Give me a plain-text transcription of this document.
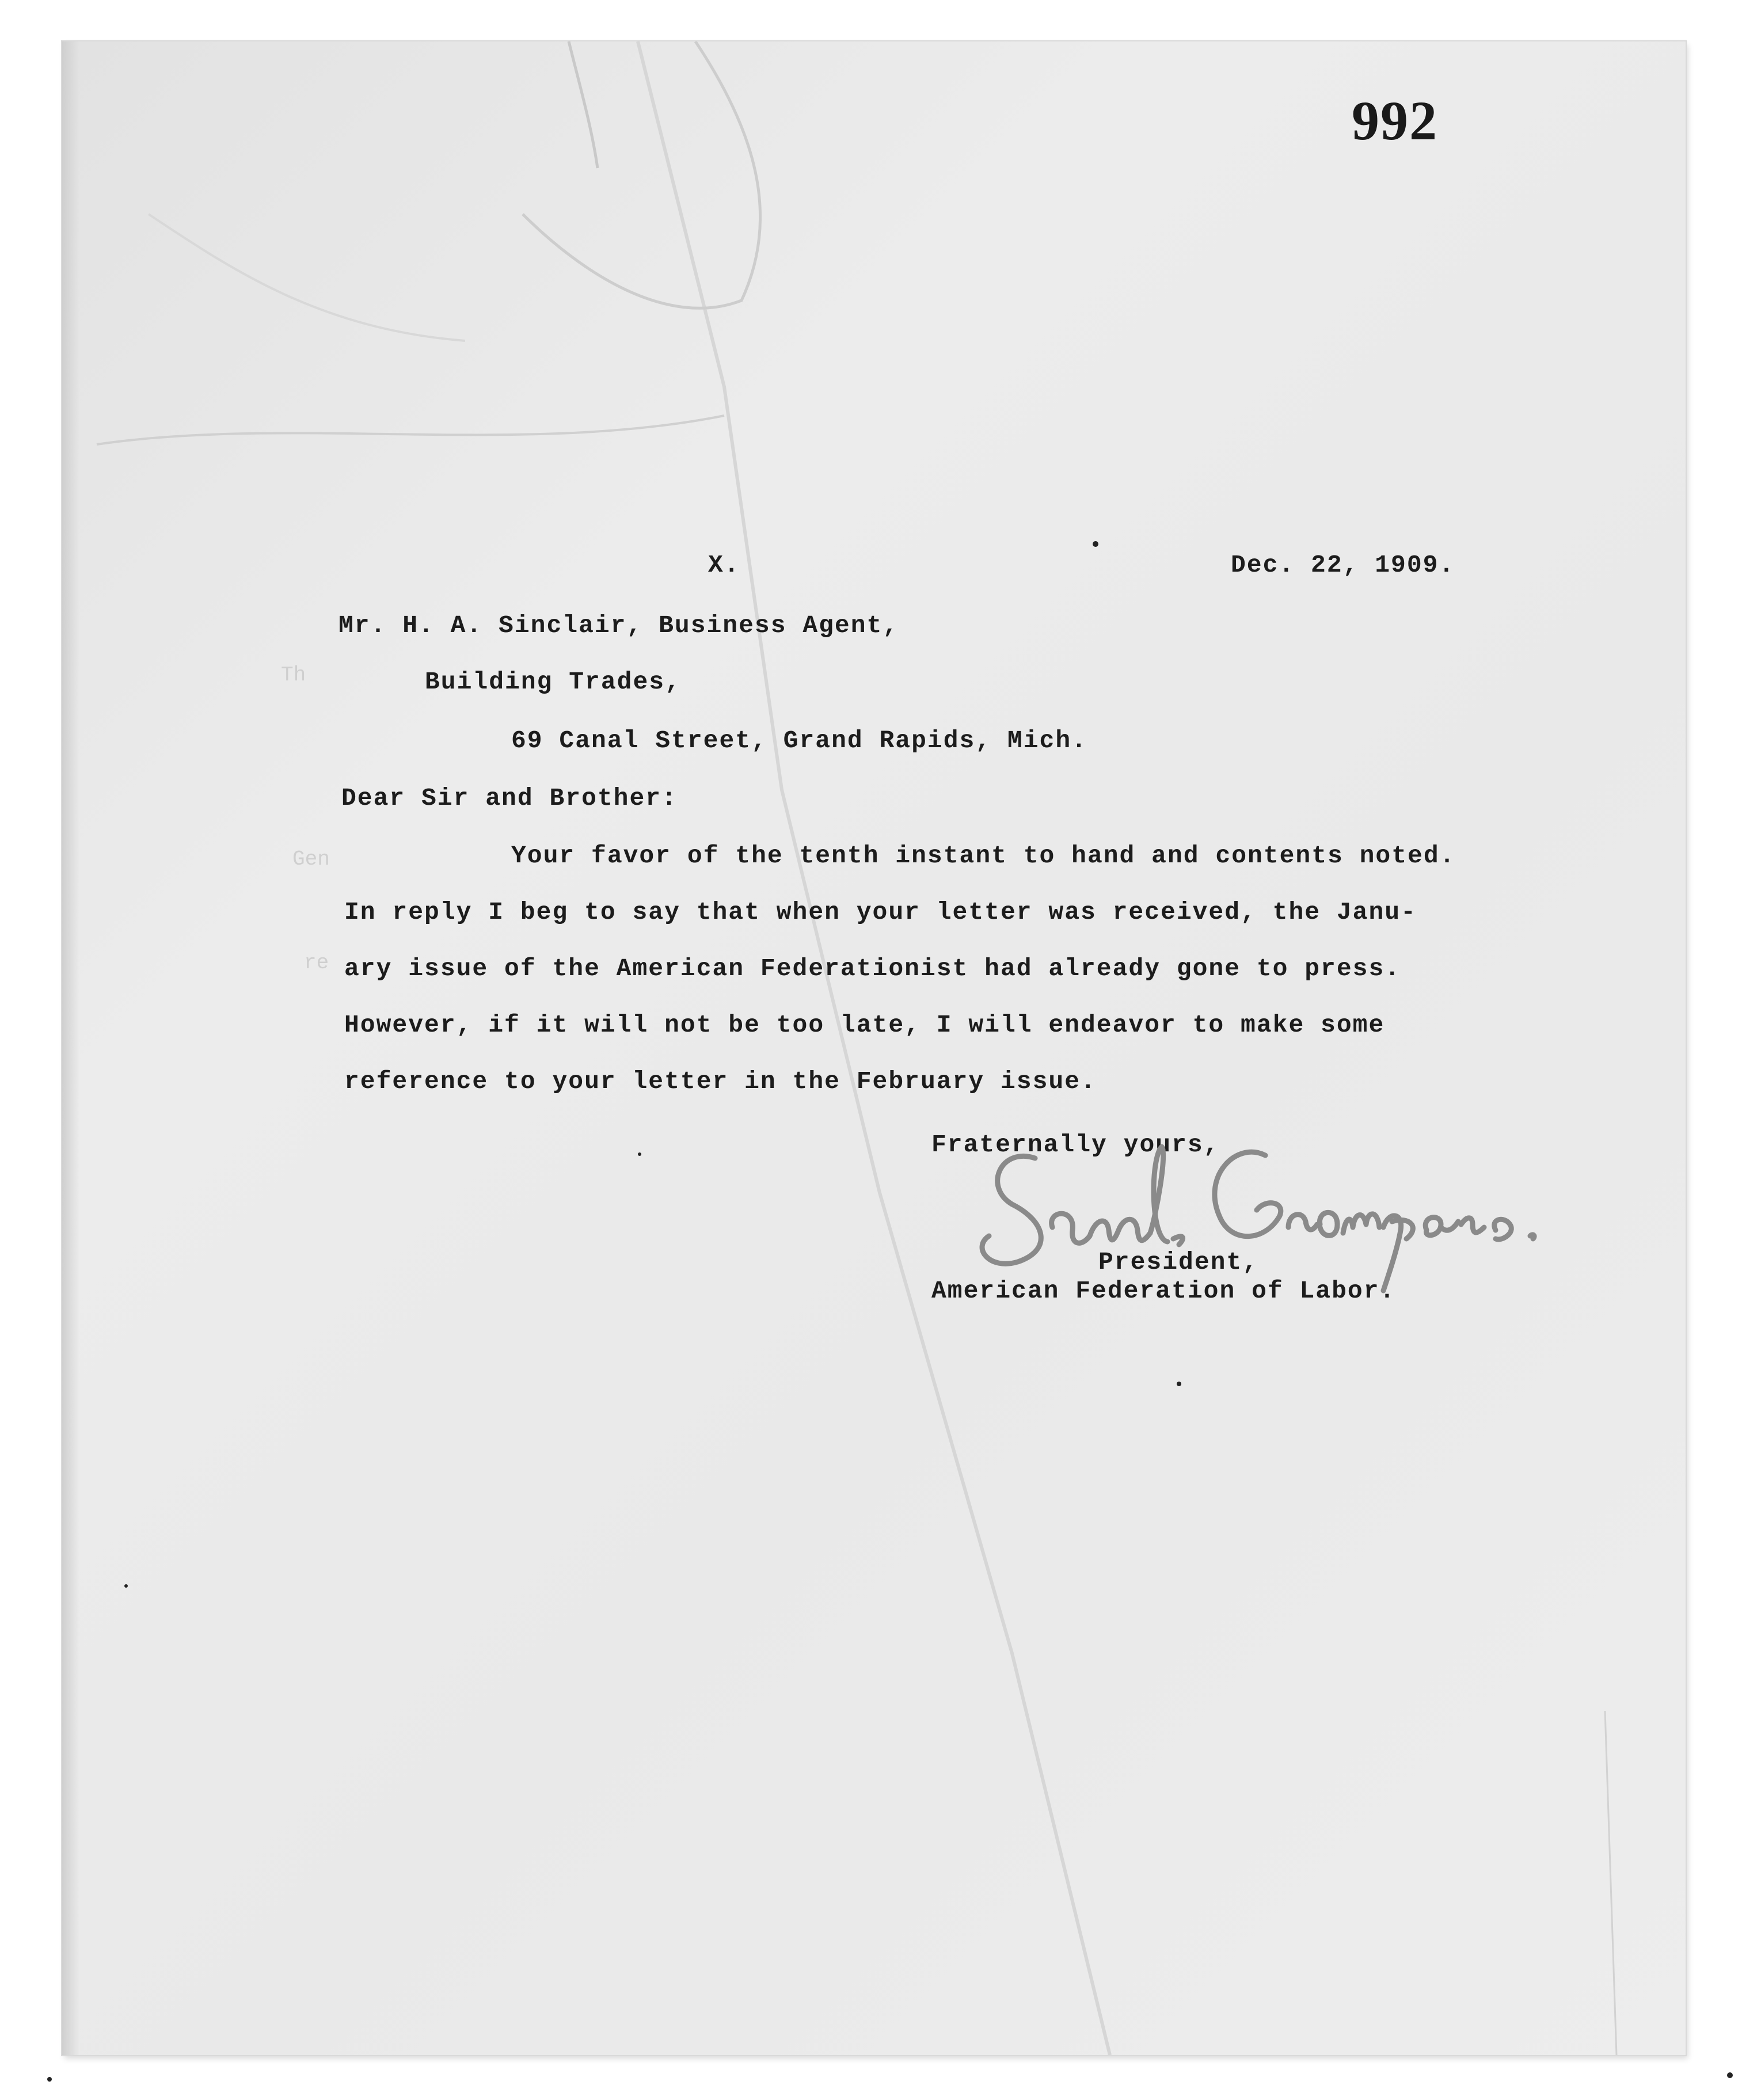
Th
Gen
re
992
X.	Dec. 22, 1909.
Mr. H. A. Sinclair, Business Agent,
Building Trades,
69 Canal Street, Grand Rapids, Mich.
Dear Sir and Brother:
Your favor of the tenth instant to hand and contents noted.
In reply I beg to say that when your letter was received, the Janu-
ary issue of the American Federationist had already gone to press.
However, if it will not be too late, I will endeavor to make some
reference to your letter in the February issue.
Fraternally yours,
President,
American Federation of Labor.
